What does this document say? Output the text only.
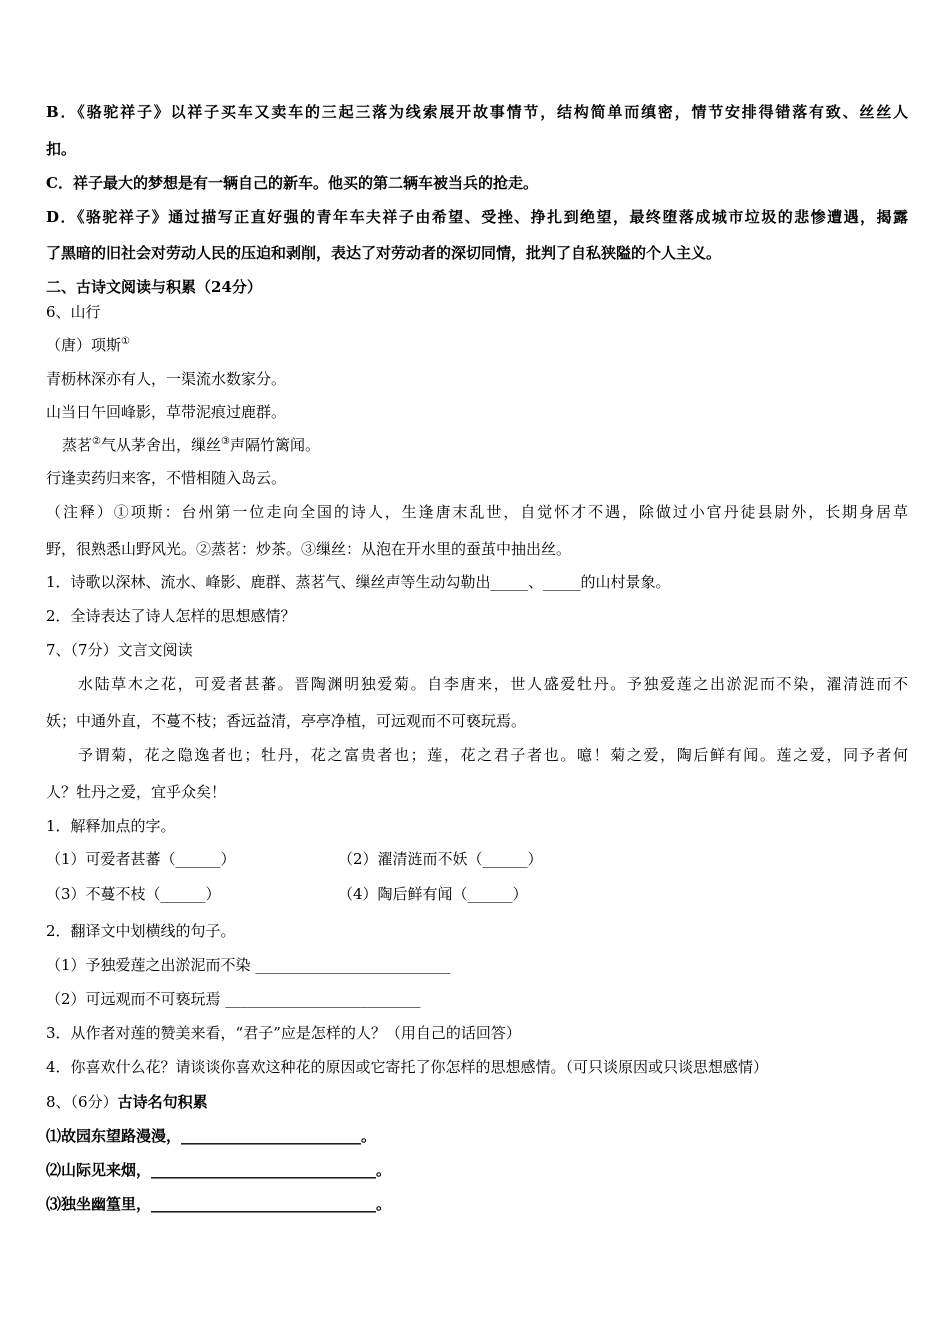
B．《骆驼祥子》以祥子买车又卖车的三起三落为线索展开故事情节，结构简单而缜密，情节安排得错落有致、丝丝人
扣。
C．祥子最大的梦想是有一辆自己的新车。他买的第二辆车被当兵的抢走。
D．《骆驼祥子》通过描写正直好强的青年车夫祥子由希望、受挫、挣扎到绝望，最终堕落成城市垃圾的悲惨遭遇，揭露
了黑暗的旧社会对劳动人民的压迫和剥削，表达了对劳动者的深切同情，批判了自私狭隘的个人主义。
二、古诗文阅读与积累（24分）
6、山行
（唐）项斯①
青枥林深亦有人，一渠流水数家分。
山当日午回峰影，草带泥痕过鹿群。
蒸茗②气从茅舍出，缫丝③声隔竹篱闻。
行逢卖药归来客，不惜相随入岛云。
（注释）①项斯：台州第一位走向全国的诗人，生逢唐末乱世，自觉怀才不遇，除做过小官丹徒县尉外，长期身居草
野，很熟悉山野风光。②蒸茗：炒茶。③缫丝：从泡在开水里的蚕茧中抽出丝。
1．诗歌以深林、流水、峰影、鹿群、蒸茗气、缫丝声等生动勾勒出_____、_____的山村景象。
2．全诗表达了诗人怎样的思想感情？
7、（7分）文言文阅读
水陆草木之花，可爱者甚蕃。晋陶渊明独爱菊。自李唐来，世人盛爱牡丹。予独爱莲之出淤泥而不染，濯清涟而不
妖；中通外直，不蔓不枝；香远益清，亭亭净植，可远观而不可亵玩焉。
予谓菊，花之隐逸者也；牡丹，花之富贵者也；莲，花之君子者也。噫！菊之爱，陶后鲜有闻。莲之爱，同予者何
人？牡丹之爱，宜乎众矣！
1．解释加点的字。
（1）可爱者甚蕃（______）	（2）濯清涟而不妖（______）
（3）不蔓不枝（______）	（4）陶后鲜有闻（______）
2．翻译文中划横线的句子。
（1）予独爱莲之出淤泥而不染 __________________________
（2）可远观而不可亵玩焉 __________________________
3．从作者对莲的赞美来看，“君子”应是怎样的人？（用自己的话回答）
4．你喜欢什么花？请谈谈你喜欢这种花的原因或它寄托了你怎样的思想感情。（可只谈原因或只谈思想感情）
8、（6分）古诗名句积累
⑴故园东望路漫漫，________________________。
⑵山际见来烟，______________________________。
⑶独坐幽篁里，______________________________。
